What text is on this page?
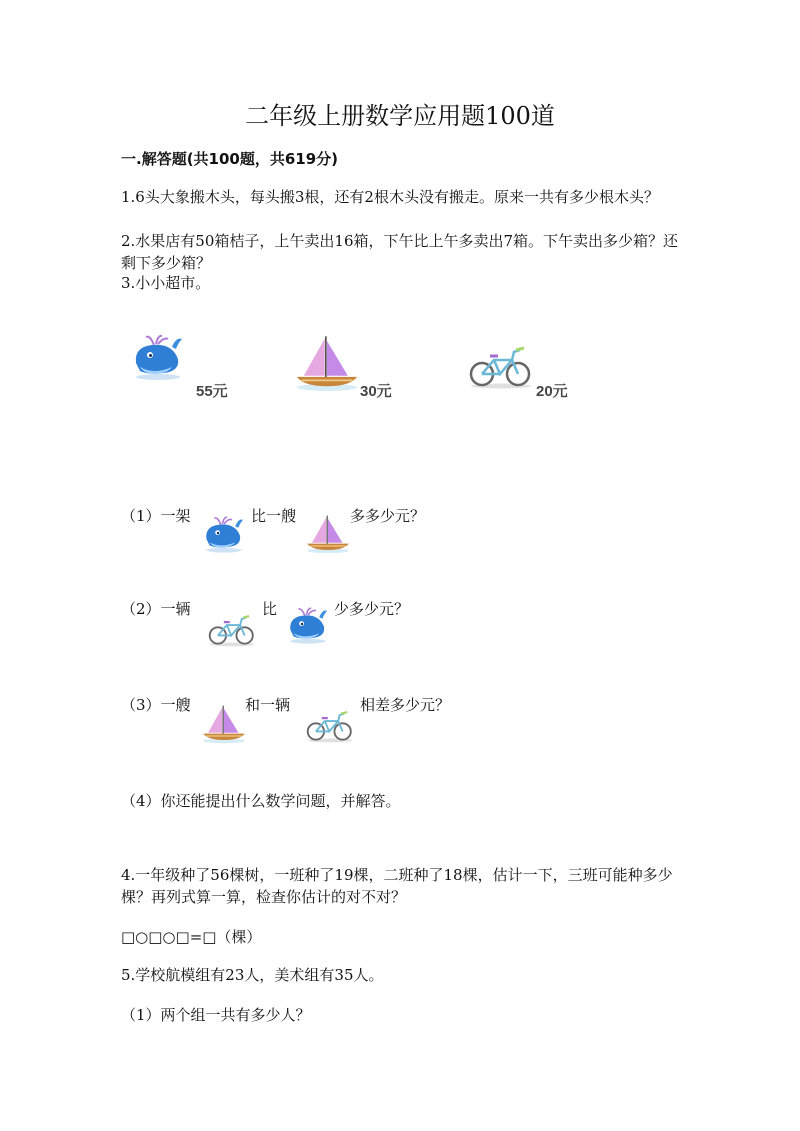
二年级上册数学应用题100道
一.解答题(共100题，共619分)
1.6头大象搬木头，每头搬3根，还有2根木头没有搬走。原来一共有多少根木头？
2.水果店有50箱桔子，上午卖出16箱，下午比上午多卖出7箱。下午卖出多少箱？还剩下多少箱？
3.小小超市。
55元	30元	20元
（1）一架	比一艘	多多少元？
（2）一辆	比	少多少元？
（3）一艘	和一辆	相差多少元？
（4）你还能提出什么数学问题，并解答。
4.一年级种了56棵树，一班种了19棵，二班种了18棵，估计一下，三班可能种多少棵？再列式算一算，检查你估计的对不对？
□○□○□=□（棵）
5.学校航模组有23人，美术组有35人。
（1）两个组一共有多少人？
